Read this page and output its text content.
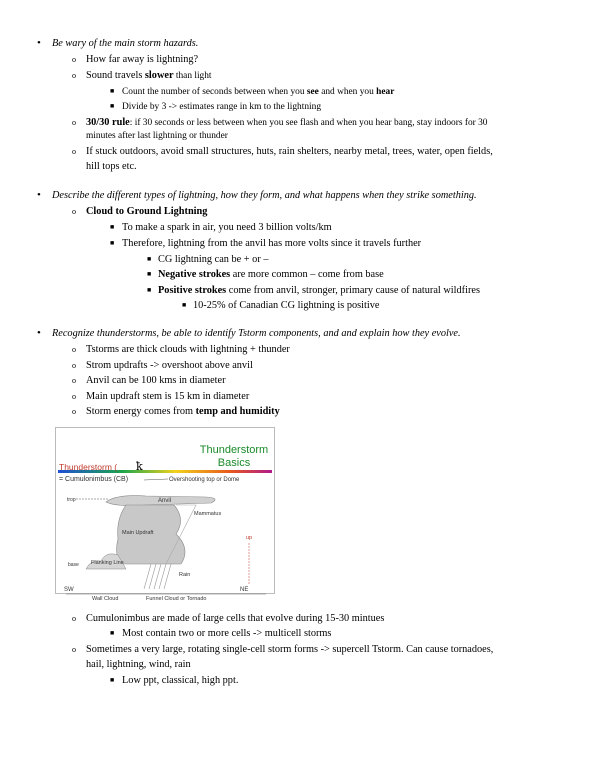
• Be wary of the main storm hazards.
o How far away is lightning?
o Sound travels slower than light
■ Count the number of seconds between when you see and when you hear
■ Divide by 3 -> estimates range in km to the lightning
o 30/30 rule: if 30 seconds or less between when you see flash and when you hear bang, stay indoors for 30
minutes after last lightning or thunder
o If stuck outdoors, avoid small structures, huts, rain shelters, nearby metal, trees, water, open fields,
hill tops etc.
• Describe the different types of lightning, how they form, and what happens when they strike something.
o Cloud to Ground Lightning
■ To make a spark in air, you need 3 billion volts/km
■ Therefore, lightning from the anvil has more volts since it travels further
■ CG lightning can be + or –
■ Negative strokes are more common – come from base
■ Positive strokes come from anvil, stronger, primary cause of natural wildfires
■ 10-25% of Canadian CG lightning is positive
• Recognize thunderstorms, be able to identify Tstorm components, and and explain how they evolve.
o Tstorms are thick clouds with lightning + thunder
o Strom updrafts -> overshoot above anvil
o Anvil can be 100 kms in diameter
o Main updraft stem is 15 km in diameter
o Storm energy comes from temp and humidity
Thunderstorm
Basics
Thunderstorm ( ꝁ
= Cumulonimbus (CB)	Overshooting top or Dome
Anvil
trop
Mammatus
Main Updraft
Flanking Line
base
Rain
up
SW	NE
Wall Cloud	Funnel Cloud or Tornado
o Cumulonimbus are made of large cells that evolve during 15-30 mintues
■ Most contain two or more cells -> multicell storms
o Sometimes a very large, rotating single-cell storm forms -> supercell Tstorm. Can cause tornadoes,
hail, lightning, wind, rain
■ Low ppt, classical, high ppt.
